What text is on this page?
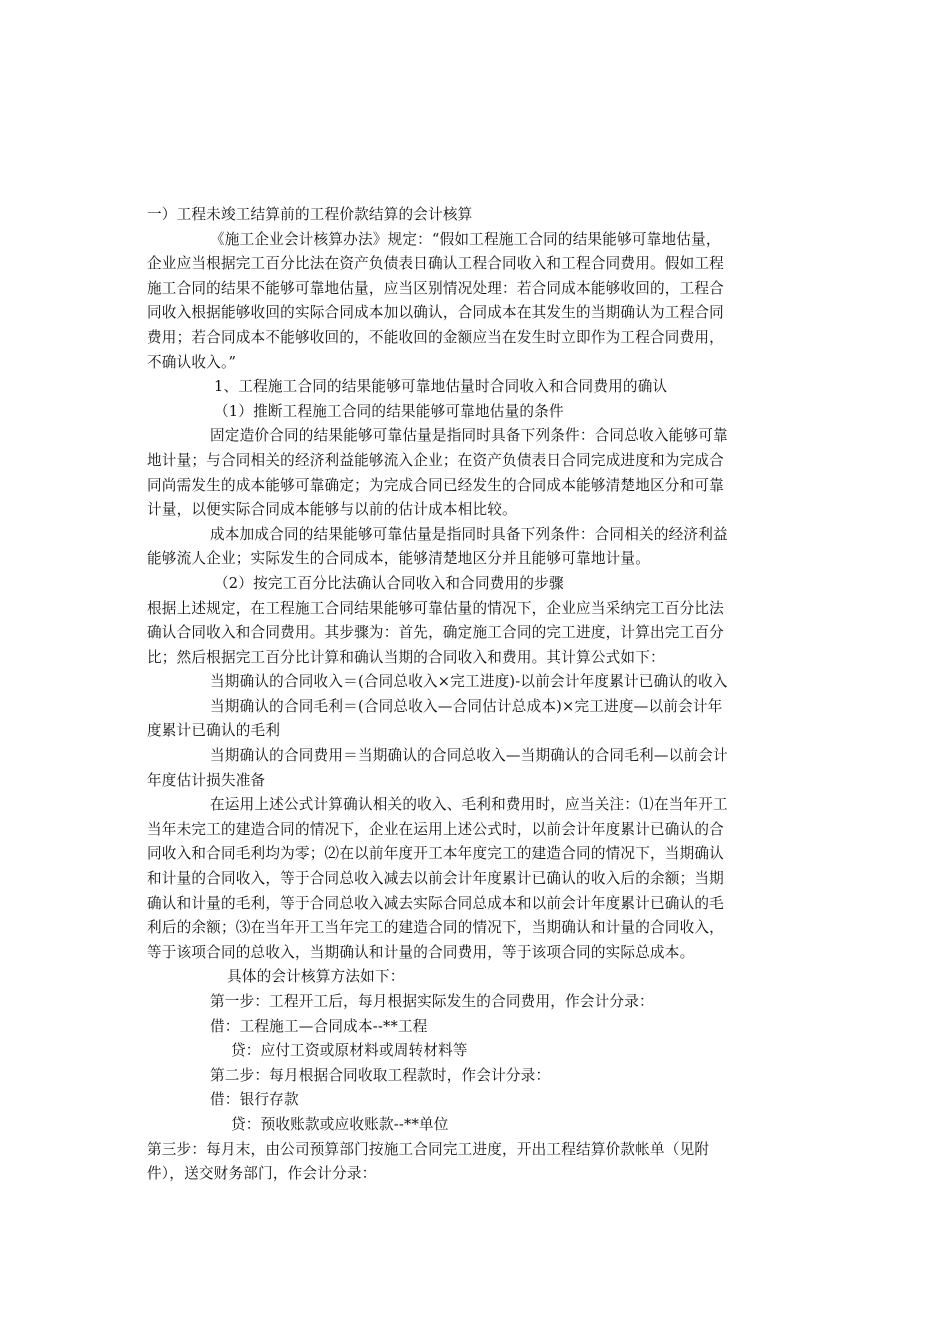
一）工程未竣工结算前的工程价款结算的会计核算
《施工企业会计核算办法》规定：“假如工程施工合同的结果能够可靠地估量，
企业应当根据完工百分比法在资产负债表日确认工程合同收入和工程合同费用。假如工程
施工合同的结果不能够可靠地估量，应当区别情况处理：若合同成本能够收回的，工程合
同收入根据能够收回的实际合同成本加以确认，合同成本在其发生的当期确认为工程合同
费用；若合同成本不能够收回的，不能收回的金额应当在发生时立即作为工程合同费用，
不确认收入。”
1、工程施工合同的结果能够可靠地估量时合同收入和合同费用的确认
（1）推断工程施工合同的结果能够可靠地估量的条件
固定造价合同的结果能够可靠估量是指同时具备下列条件：合同总收入能够可靠
地计量；与合同相关的经济利益能够流入企业；在资产负债表日合同完成进度和为完成合
同尚需发生的成本能够可靠确定；为完成合同已经发生的合同成本能够清楚地区分和可靠
计量，以便实际合同成本能够与以前的估计成本相比较。
成本加成合同的结果能够可靠估量是指同时具备下列条件：合同相关的经济利益
能够流人企业；实际发生的合同成本，能够清楚地区分并且能够可靠地计量。
（2）按完工百分比法确认合同收入和合同费用的步骤
根据上述规定，在工程施工合同结果能够可靠估量的情况下，企业应当采纳完工百分比法
确认合同收入和合同费用。其步骤为：首先，确定施工合同的完工进度，计算出完工百分
比；然后根据完工百分比计算和确认当期的合同收入和费用。其计算公式如下：
当期确认的合同收入＝(合同总收入×完工进度)-以前会计年度累计已确认的收入
当期确认的合同毛利＝(合同总收入—合同估计总成本)×完工进度—以前会计年
度累计已确认的毛利
当期确认的合同费用＝当期确认的合同总收入—当期确认的合同毛利—以前会计
年度估计损失准备
在运用上述公式计算确认相关的收入、毛利和费用时，应当关注：⑴在当年开工
当年未完工的建造合同的情况下，企业在运用上述公式时，以前会计年度累计已确认的合
同收入和合同毛利均为零；⑵在以前年度开工本年度完工的建造合同的情况下，当期确认
和计量的合同收入，等于合同总收入减去以前会计年度累计已确认的收入后的余额；当期
确认和计量的毛利，等于合同总收入减去实际合同总成本和以前会计年度累计已确认的毛
利后的余额；⑶在当年开工当年完工的建造合同的情况下，当期确认和计量的合同收入，
等于该项合同的总收入，当期确认和计量的合同费用，等于该项合同的实际总成本。
具体的会计核算方法如下：
第一步：工程开工后，每月根据实际发生的合同费用，作会计分录：
借：工程施工—合同成本--**工程
贷：应付工资或原材料或周转材料等
第二步：每月根据合同收取工程款时，作会计分录：
借：银行存款
贷：预收账款或应收账款--**单位
第三步：每月末，由公司预算部门按施工合同完工进度，开出工程结算价款帐单（见附
件），送交财务部门，作会计分录：
